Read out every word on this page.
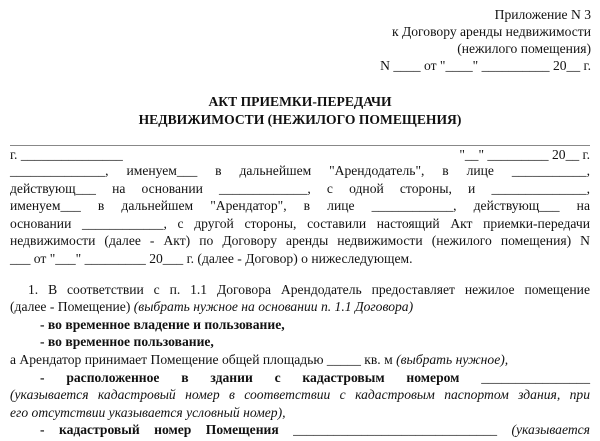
Приложение N 3
к Договору аренды недвижимости
(нежилого помещения)
N ____ от "____" __________ 20__ г.
АКТ ПРИЕМКИ-ПЕРЕДАЧИ
НЕДВИЖИМОСТИ (НЕЖИЛОГО ПОМЕЩЕНИЯ)
г. _______________	"__" _________ 20__ г.
______________, именуем___ в дальнейшем "Арендодатель", в лице ___________,
действующ___ на основании _____________, с одной стороны, и ______________,
именуем___ в дальнейшем "Арендатор", в лице ____________, действующ___ на
основании ____________, с другой стороны, составили настоящий Акт приемки-передачи
недвижимости (далее - Акт) по Договору аренды недвижимости (нежилого помещения) N
___ от "___" _________ 20___ г. (далее - Договор) о нижеследующем.
1. В соответствии с п. 1.1 Договора Арендодатель предоставляет нежилое помещение
(далее - Помещение) (выбрать нужное на основании п. 1.1 Договора)
- во временное владение и пользование,
- во временное пользование,
а Арендатор принимает Помещение общей площадью _____ кв. м (выбрать нужное),
- расположенное в здании с кадастровым номером ________________
(указывается кадастровый номер в соответствии с кадастровым паспортом здания, при
его отсутствии указывается условный номер),
- кадастровый номер Помещения ______________________________ (указывается
